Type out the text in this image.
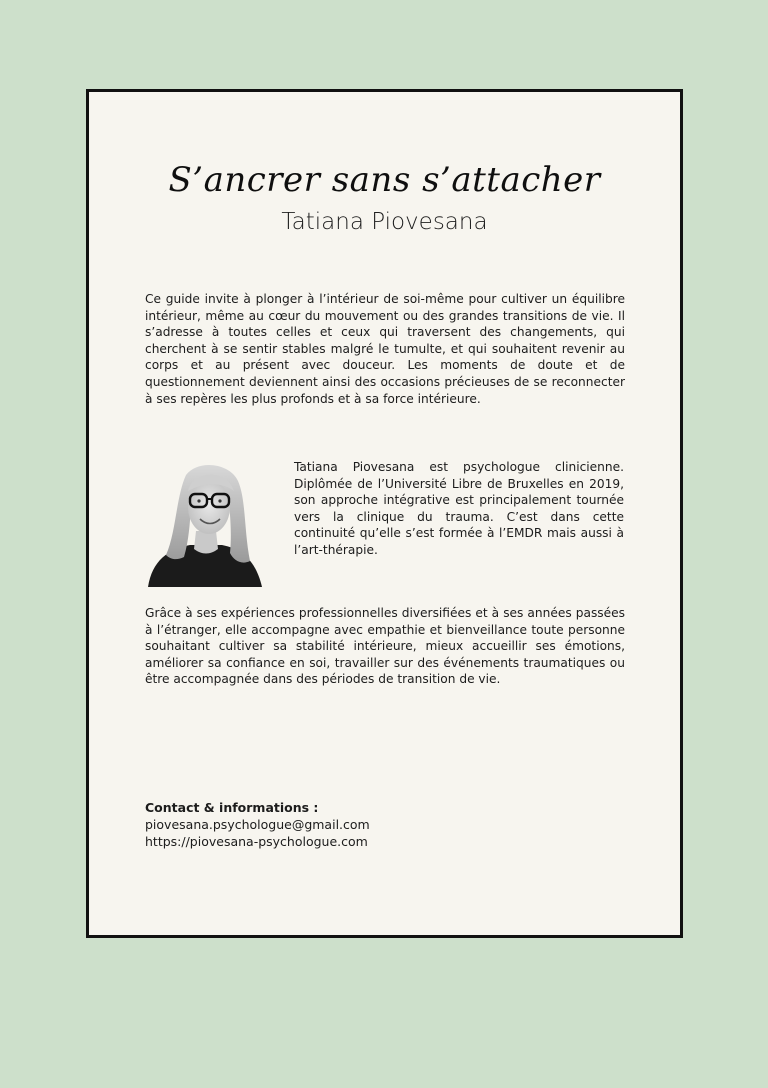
S’ancrer sans s’attacher
Tatiana Piovesana
Ce guide invite à plonger à l’intérieur de soi-même pour cultiver un équilibre intérieur, même au cœur du mouvement ou des grandes transitions de vie. Il s’adresse à toutes celles et ceux qui traversent des changements, qui cherchent à se sentir stables malgré le tumulte, et qui souhaitent revenir au corps et au présent avec douceur. Les moments de doute et de questionnement deviennent ainsi des occasions précieuses de se reconnecter à ses repères les plus profonds et à sa force intérieure.
Tatiana Piovesana est psychologue clinicienne. Diplômée de l’Université Libre de Bruxelles en 2019, son approche intégrative est principalement tournée vers la clinique du trauma. C’est dans cette continuité qu’elle s’est formée à l’EMDR mais aussi à l’art-thérapie.
Grâce à ses expériences professionnelles diversifiées et à ses années passées à l’étranger, elle accompagne avec empathie et bienveillance toute personne souhaitant cultiver sa stabilité intérieure, mieux accueillir ses émotions, améliorer sa confiance en soi, travailler sur des événements traumatiques ou être accompagnée dans des périodes de transition de vie.
Contact & informations :
piovesana.psychologue@gmail.com
https://piovesana-psychologue.com
